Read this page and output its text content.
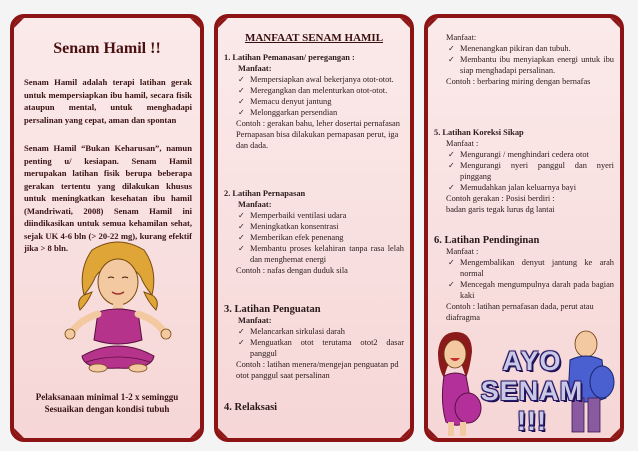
Senam Hamil !!
Senam Hamil adalah terapi latihan gerak untuk mempersiapkan ibu hamil, secara fisik ataupun mental, untuk menghadapi persalinan yang cepat, aman dan spontan
Senam Hamil “Bukan Keharusan”, namun penting u/ kesiapan. Senam Hamil merupakan latihan fisik berupa beberapa gerakan tertentu yang dilakukan khusus untuk meningkatkan kesehatan ibu hamil (Mandriwati, 2008) Senam Hamil ini diindikasikan untuk semua kehamilan sehat, sejak UK 4-6 bln (> 20-22 mg), kurang efektif jika > 8 bln.
Pelaksanaan minimal 1-2 x seminggu
Sesuaikan dengan kondisi tubuh
MANFAAT SENAM HAMIL
1. Latihan Pemanasan/ peregangan :
Manfaat:
✓ Mempersiapkan awal bekerjanya otot-otot.
✓ Meregangkan dan melenturkan otot-otot.
✓ Memacu denyut jantung
✓ Melonggarkan persendian
Contoh : gerakan bahu, leher dosertai pernafasan
Pernapasan bisa dilakukan pernapasan perut, iga dan dada.
2. Latihan Pernapasan
Manfaat:
✓ Memperbaiki ventilasi udara
✓ Meningkatkan konsentrasi
✓ Memberikan efek penenang
✓ Membantu proses kelahiran tanpa rasa lelah dan menghemat energi
Contoh : nafas dengan duduk sila
3. Latihan Penguatan
Manfaat:
✓ Melancarkan sirkulasi darah
✓ Menguatkan otot terutama otot2 dasar panggul
Contoh : latihan menera/mengejan penguatan pd otot panggul saat persalinan
4. Relaksasi
Manfaat:
✓ Menenangkan pikiran dan tubuh.
✓ Membantu ibu menyiapkan energi untuk ibu siap menghadapi persalinan.
Contoh : berbaring miring dengan bernafas
5. Latihan Koreksi Sikap
Manfaat :
✓ Mengurangi / menghindari cedera otot
✓ Mengurangi nyeri panggul dan nyeri pinggang
✓ Memudahkan jalan keluarnya bayi
Contoh gerakan : Posisi berdiri :
badan garis tegak lurus dg lantai
6. Latihan Pendinginan
Manfaat :
✓ Mengembalikan denyut jantung ke arah normal
✓ Mencegah mengumpulnya darah pada bagian kaki
Contoh : latihan pernafasan dada, perut atau diafragma
AYO
SENAM
!!!
